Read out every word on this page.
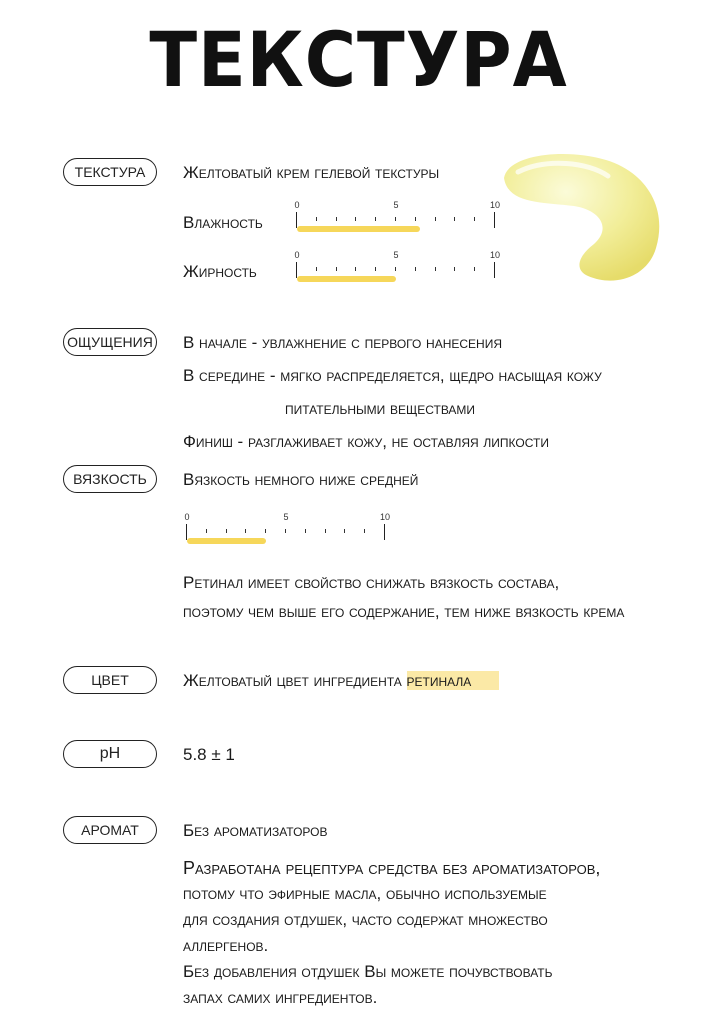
ТЕКСТУРА
ТЕКСТУРА	Желтоватый крем гелевой текстуры
Влажность
0	5	10
Жирность
0	5	10
ОЩУЩЕНИЯ В начале - увлажнение с первого нанесения
В середине - мягко распределяется, щедро насыщая кожу
питательными веществами
Финиш - разглаживает кожу, не оставляя липкости
ВЯЗКОСТЬ	Вязкость немного ниже средней
0	5	10
Ретинал имеет свойство снижать вязкость состава,
поэтому чем выше его содержание, тем ниже вязкость крема
ЦВЕТ	Желтоватый цвет ингредиента ретинала
pH	5.8 ± 1
АРОМАТ	Без ароматизаторов
Разработана рецептура средства без ароматизаторов,
потому что эфирные масла, обычно используемые
для создания отдушек, часто содержат множество
аллергенов.
Без добавления отдушек Вы можете почувствовать
запах самих ингредиентов.
